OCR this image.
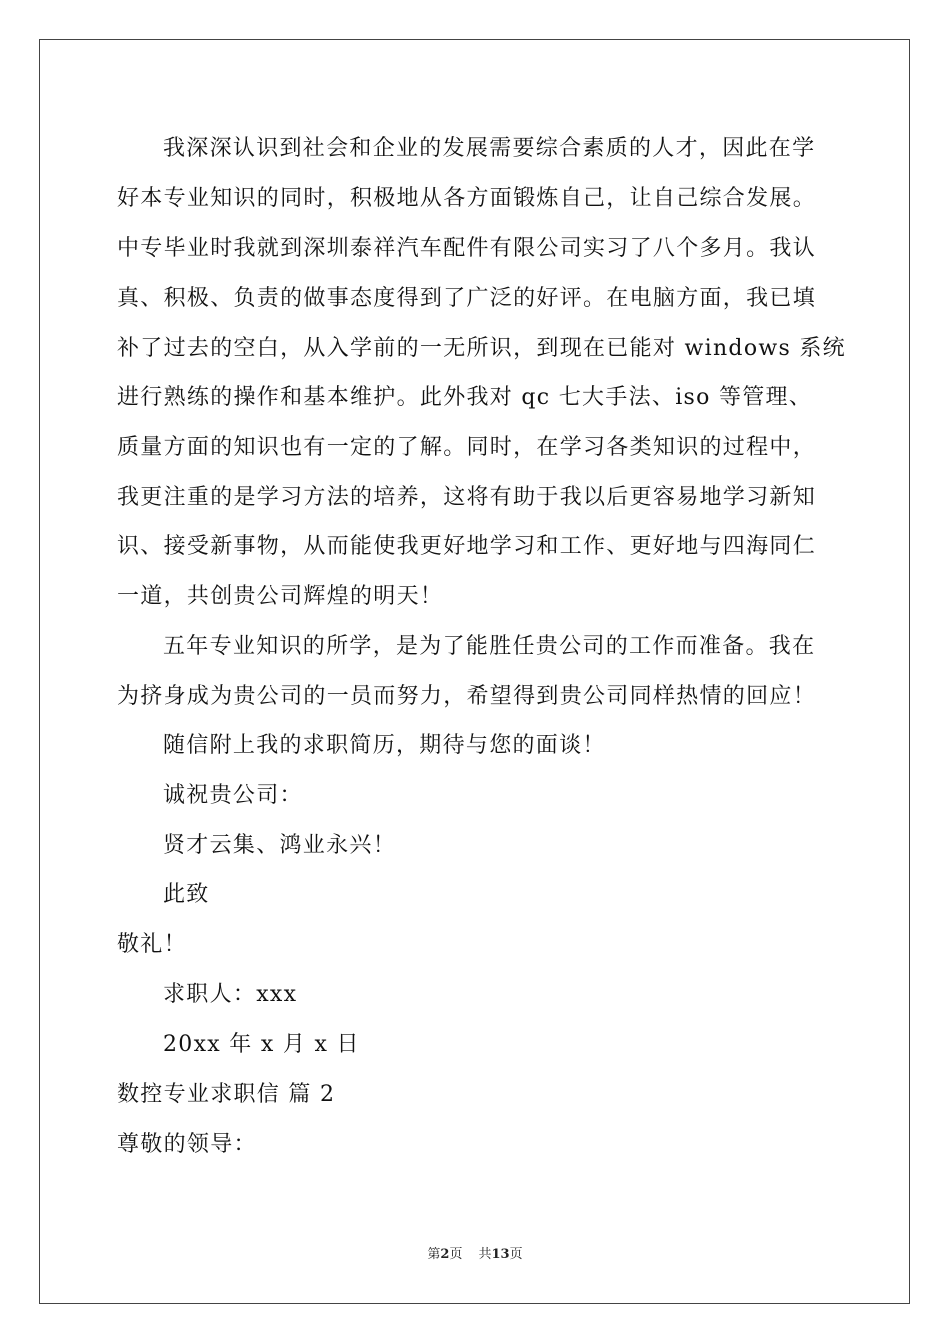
我深深认识到社会和企业的发展需要综合素质的人才，因此在学
好本专业知识的同时，积极地从各方面锻炼自己，让自己综合发展。
中专毕业时我就到深圳泰祥汽车配件有限公司实习了八个多月。我认
真、积极、负责的做事态度得到了广泛的好评。在电脑方面，我已填
补了过去的空白，从入学前的一无所识，到现在已能对 windows 系统
进行熟练的操作和基本维护。此外我对 qc 七大手法、iso 等管理、
质量方面的知识也有一定的了解。同时，在学习各类知识的过程中，
我更注重的是学习方法的培养，这将有助于我以后更容易地学习新知
识、接受新事物，从而能使我更好地学习和工作、更好地与四海同仁
一道，共创贵公司辉煌的明天！
五年专业知识的所学，是为了能胜任贵公司的工作而准备。我在
为挤身成为贵公司的一员而努力，希望得到贵公司同样热情的回应！
随信附上我的求职简历，期待与您的面谈！
诚祝贵公司：
贤才云集、鸿业永兴！
此致
敬礼！
求职人：xxx
20xx 年 x 月 x 日
数控专业求职信 篇 2
尊敬的领导：
第2页 共13页
